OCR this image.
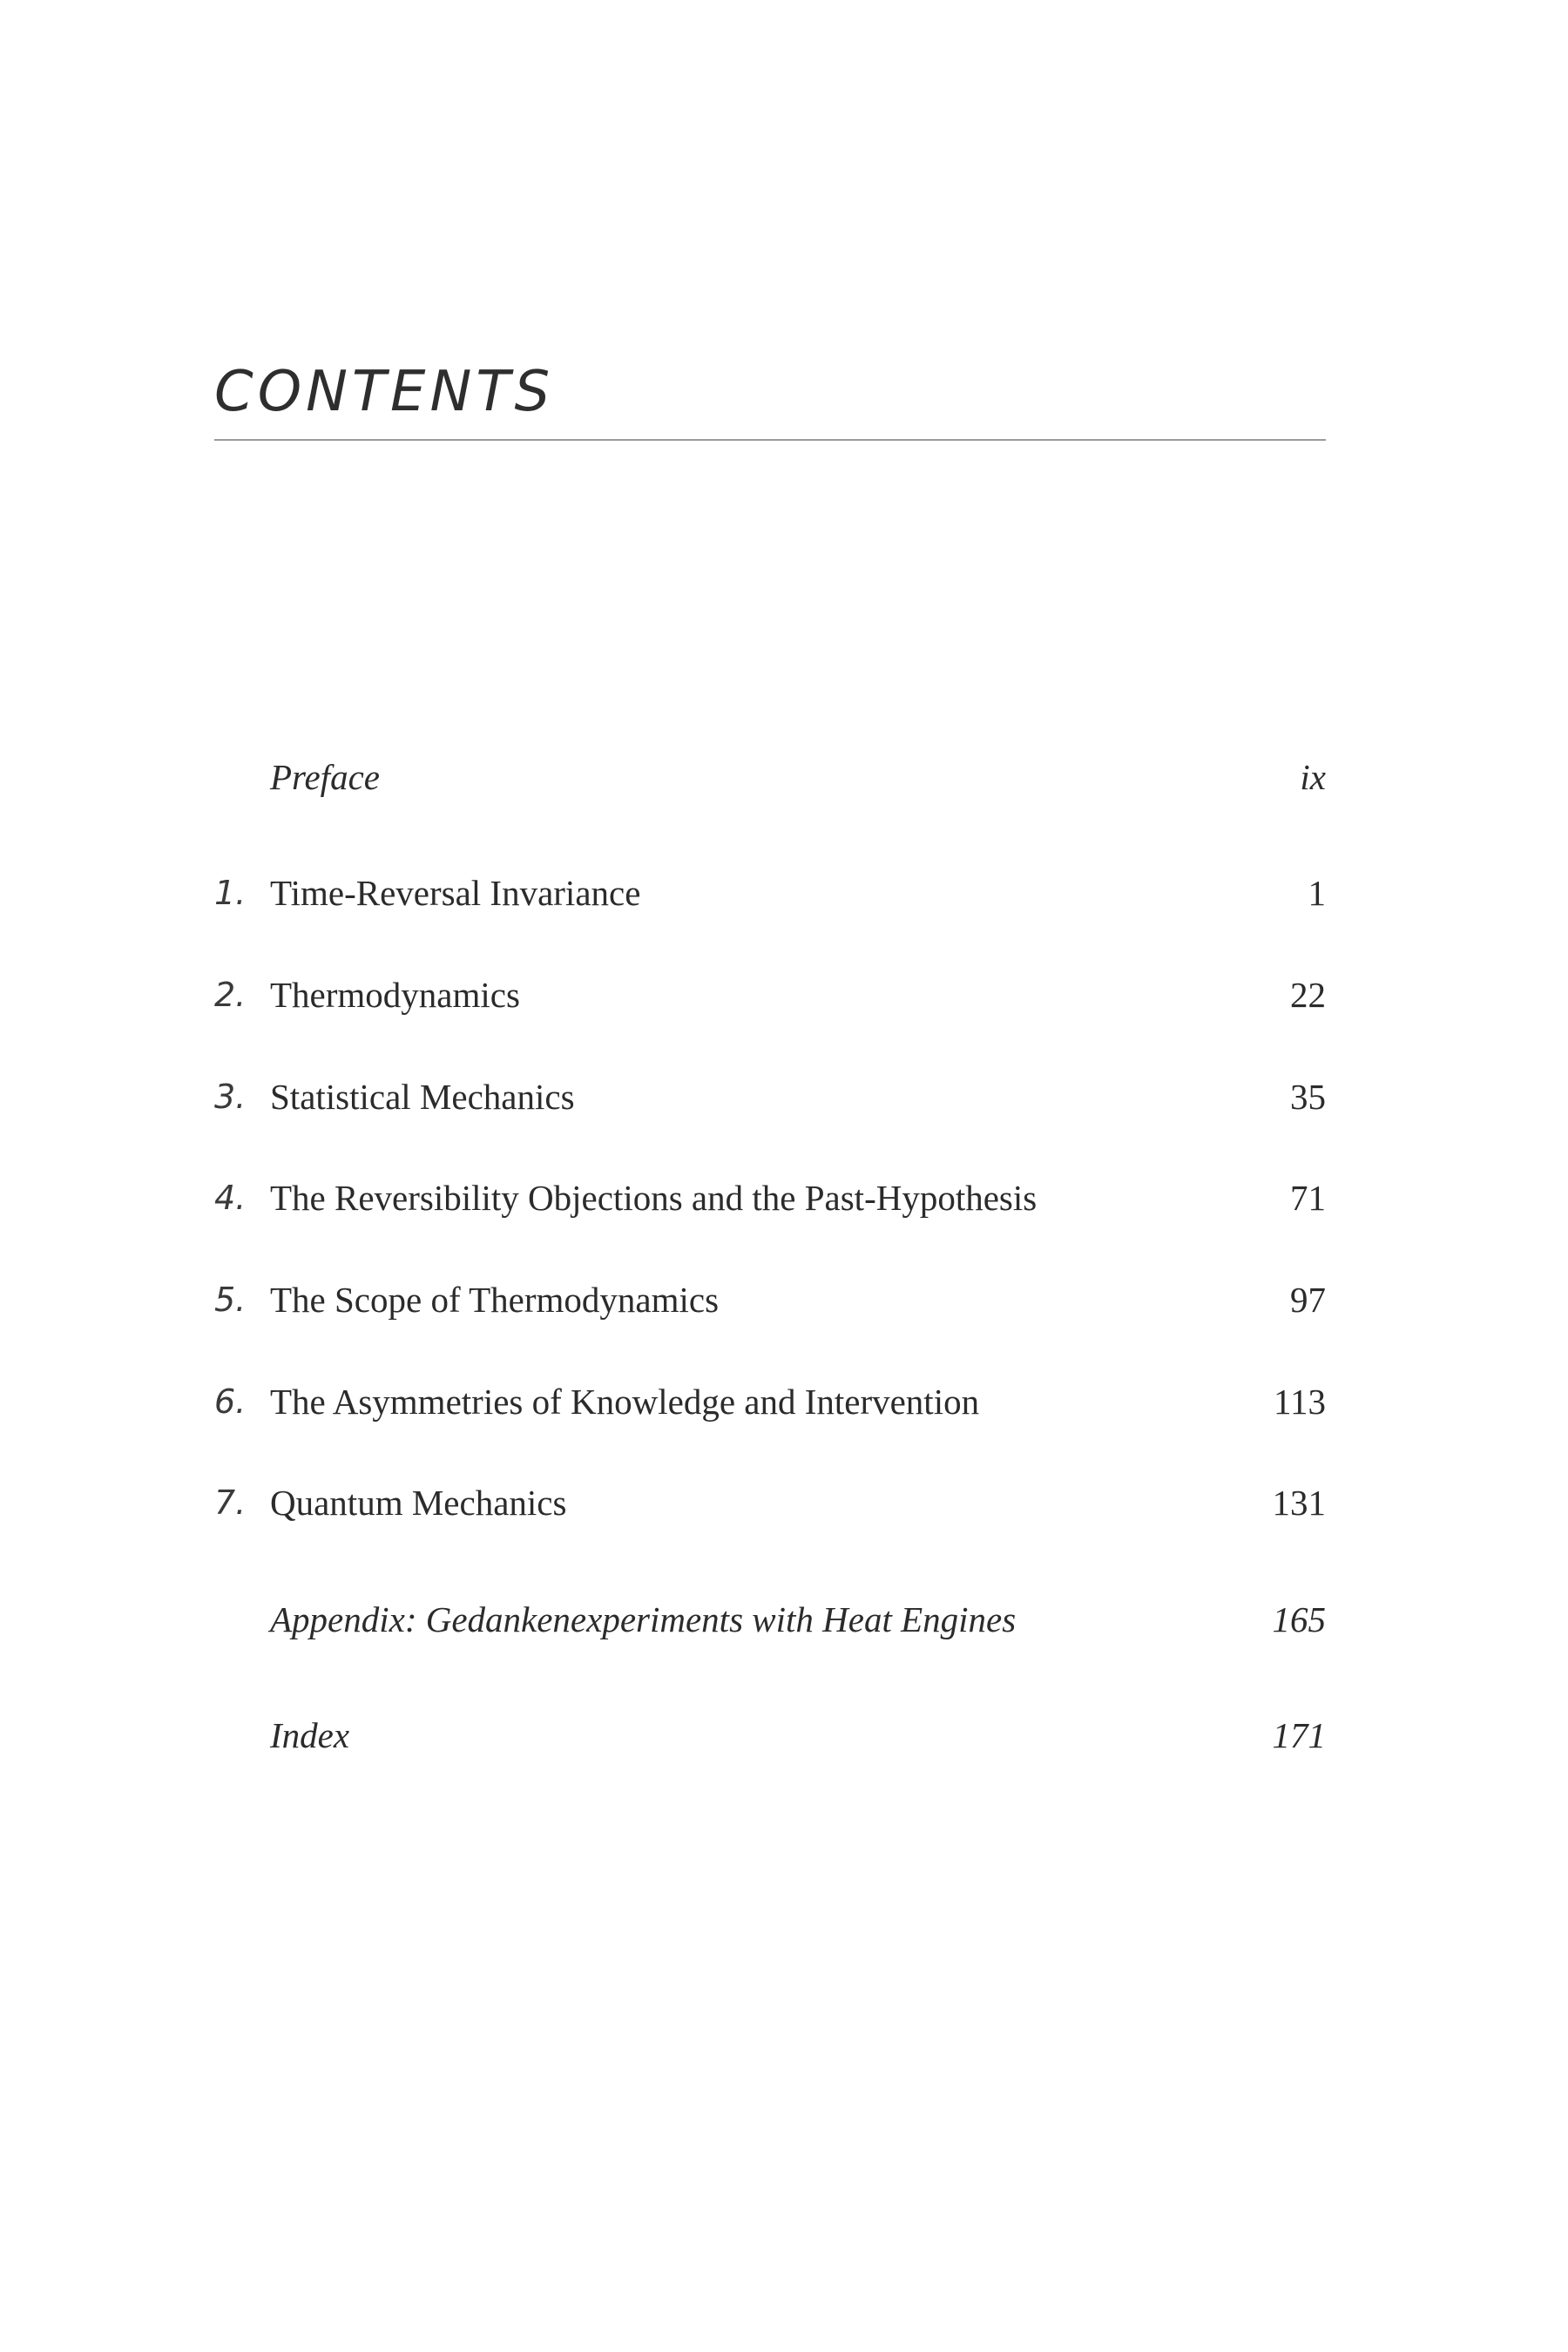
CONTENTS
Preface	ix
1. Time-Reversal Invariance	1
2. Thermodynamics	22
3. Statistical Mechanics	35
4. The Reversibility Objections and the Past-Hypothesis	71
5. The Scope of Thermodynamics	97
6. The Asymmetries of Knowledge and Intervention	113
7. Quantum Mechanics	131
Appendix: Gedankenexperiments with Heat Engines	165
Index	171
